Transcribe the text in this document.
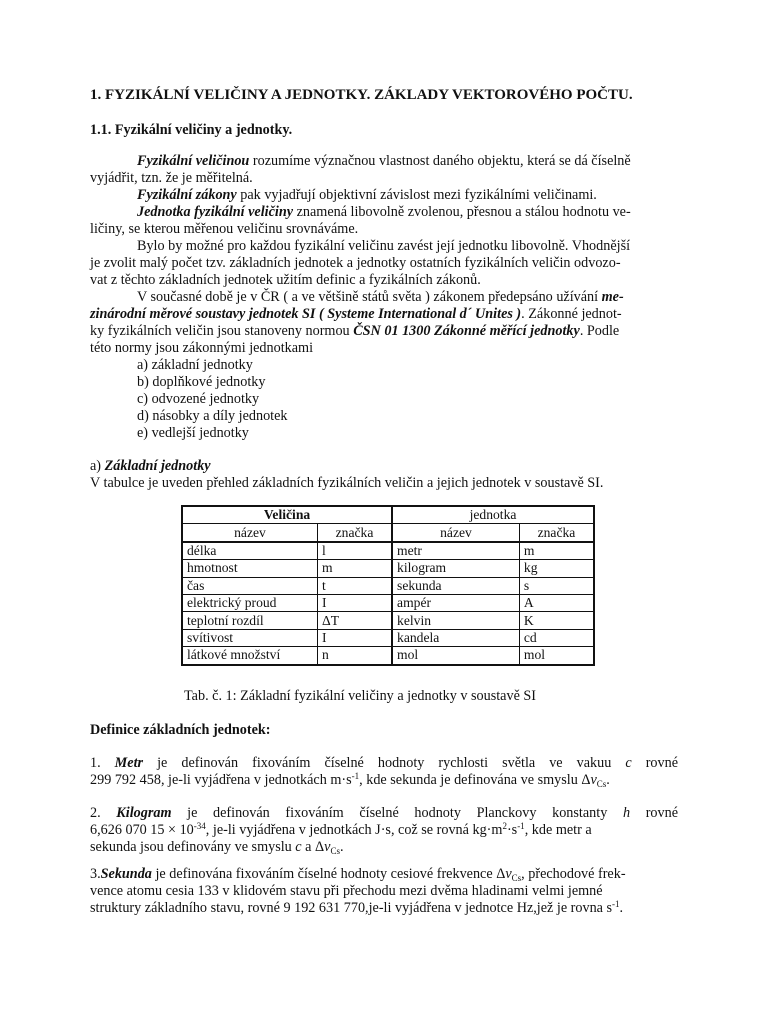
1. FYZIKÁLNÍ VELIČINY A JEDNOTKY. ZÁKLADY VEKTOROVÉHO POČTU.
1.1. Fyzikální veličiny a jednotky.
Fyzikální veličinou rozumíme význačnou vlastnost daného objektu, která se dá číselně
vyjádřit, tzn. že je měřitelná.
Fyzikální zákony pak vyjadřují objektivní závislost mezi fyzikálními veličinami.
Jednotka fyzikální veličiny znamená libovolně zvolenou, přesnou a stálou hodnotu ve-
ličiny, se kterou měřenou veličinu srovnáváme.
Bylo by možné pro každou fyzikální veličinu zavést její jednotku libovolně. Vhodnější
je zvolit malý počet tzv. základních jednotek a jednotky ostatních fyzikálních veličin odvozo-
vat z těchto základních jednotek užitím definic a fyzikálních zákonů.
V současné době je v ČR ( a ve většině států světa ) zákonem předepsáno užívání me-
zinárodní měrové soustavy jednotek SI ( Systeme International d´ Unites ). Zákonné jednot-
ky fyzikálních veličin jsou stanoveny normou ČSN 01 1300 Zákonné měřící jednotky. Podle
této normy jsou zákonnými jednotkami
a) základní jednotky
b) doplňkové jednotky
c) odvozené jednotky
d) násobky a díly jednotek
e) vedlejší jednotky
a) Základní jednotky
V tabulce je uveden přehled základních fyzikálních veličin a jejich jednotek v soustavě SI.
Veličina		jednotka	
název	značka	název	značka
délka	l	metr	m
hmotnost	m	kilogram	kg
čas	t	sekunda	s
elektrický proud	I	ampér	A
teplotní rozdíl	ΔT	kelvin	K
svítivost	I	kandela	cd
látkové množství	n	mol	mol
Tab. č. 1: Základní fyzikální veličiny a jednotky v soustavě SI
Definice základních jednotek:
1. Metr je definován fixováním číselné hodnoty rychlosti světla ve vakuu c rovné
299 792 458, je-li vyjádřena v jednotkách $m\cdot s^{-1}$, kde sekunda je definována ve smyslu $\Delta\nu_{Cs}$.
2. Kilogram je definován fixováním číselné hodnoty Planckovy konstanty h rovné
6,626 070 $15 \times 10^{-34}$, je-li vyjádřena v jednotkách J·s, což se rovná $kg\cdot m^2\cdot s^{-1}$, kde metr a
sekunda jsou definovány ve smyslu c a $\Delta\nu_{Cs}$.
3.Sekunda je definována fixováním číselné hodnoty cesiové frekvence $\Delta\nu_{Cs}$, přechodové frek-
vence atomu cesia 133 v klidovém stavu při přechodu mezi dvěma hladinami velmi jemné
struktury základního stavu, rovné 9 192 631 770,je-li vyjádřena v jednotce Hz,jež je rovna $s^{-1}$.
